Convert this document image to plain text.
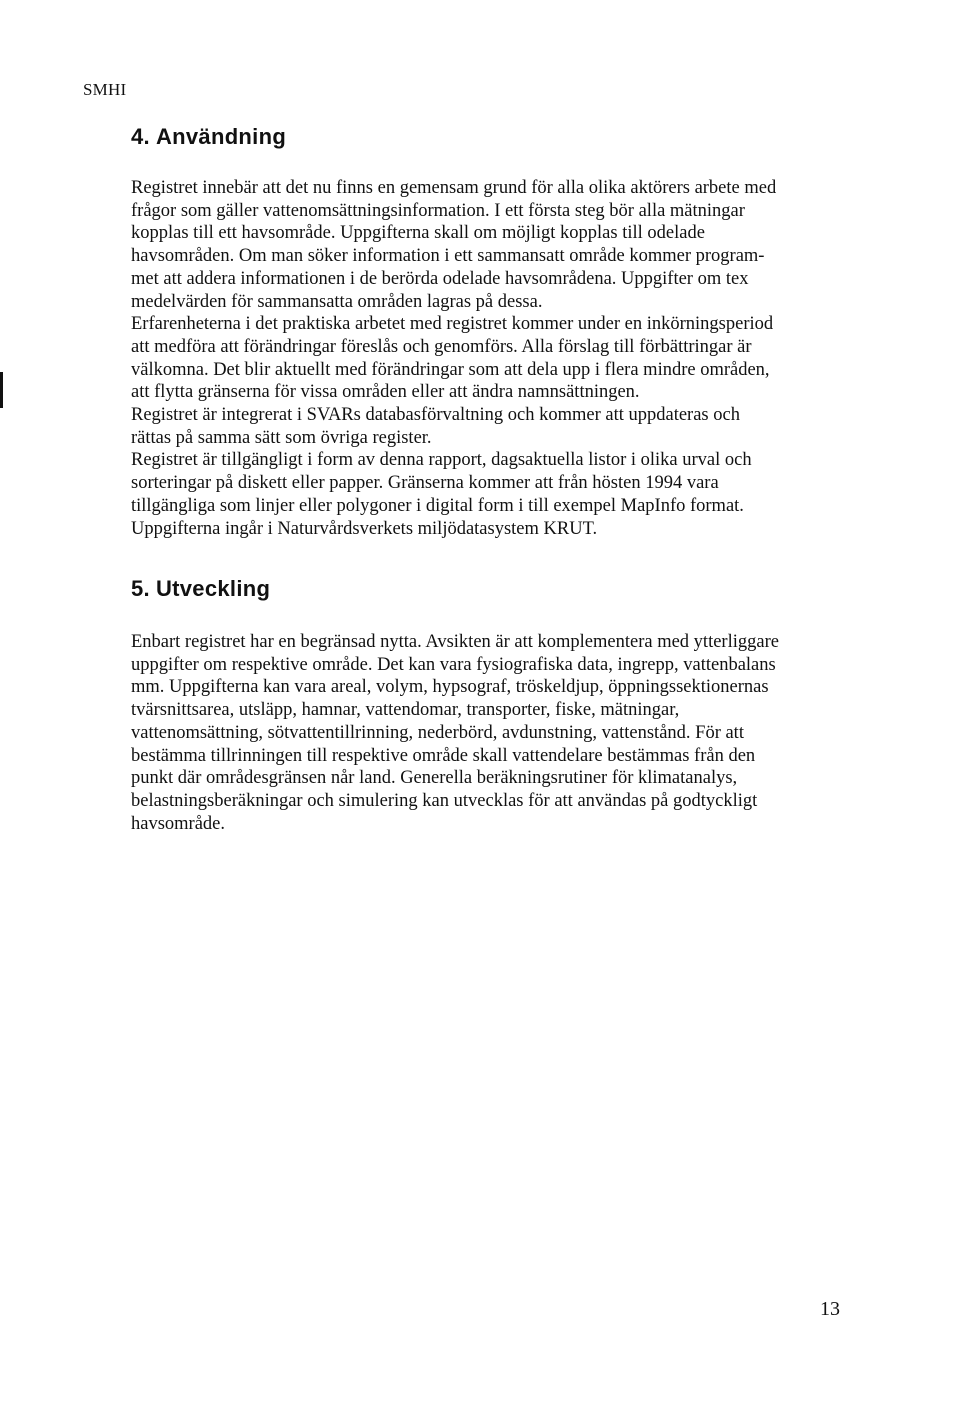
SMHI
4. Användning
Registret innebär att det nu finns en gemensam grund för alla olika aktörers arbete med
frågor som gäller vattenomsättningsinformation. I ett första steg bör alla mätningar
kopplas till ett havsområde. Uppgifterna skall om möjligt kopplas till odelade
havsområden. Om man söker information i ett sammansatt område kommer program-
met att addera informationen i de berörda odelade havsområdena. Uppgifter om tex
medelvärden för sammansatta områden lagras på dessa.
Erfarenheterna i det praktiska arbetet med registret kommer under en inkörningsperiod
att medföra att förändringar föreslås och genomförs. Alla förslag till förbättringar är
välkomna. Det blir aktuellt med förändringar som att dela upp i flera mindre områden,
att flytta gränserna för vissa områden eller att ändra namnsättningen.
Registret är integrerat i SVARs databasförvaltning och kommer att uppdateras och
rättas på samma sätt som övriga register.
Registret är tillgängligt i form av denna rapport, dagsaktuella listor i olika urval och
sorteringar på diskett eller papper. Gränserna kommer att från hösten 1994 vara
tillgängliga som linjer eller polygoner i digital form i till exempel MapInfo format.
Uppgifterna ingår i Naturvårdsverkets miljödatasystem KRUT.
5. Utveckling
Enbart registret har en begränsad nytta. Avsikten är att komplementera med ytterliggare
uppgifter om respektive område. Det kan vara fysiografiska data, ingrepp, vattenbalans
mm. Uppgifterna kan vara areal, volym, hypsograf, tröskeldjup, öppningssektionernas
tvärsnittsarea, utsläpp, hamnar, vattendomar, transporter, fiske, mätningar,
vattenomsättning, sötvattentillrinning, nederbörd, avdunstning, vattenstånd. För att
bestämma tillrinningen till respektive område skall vattendelare bestämmas från den
punkt där områdesgränsen når land. Generella beräkningsrutiner för klimatanalys,
belastningsberäkningar och simulering kan utvecklas för att användas på godtyckligt
havsområde.
13
